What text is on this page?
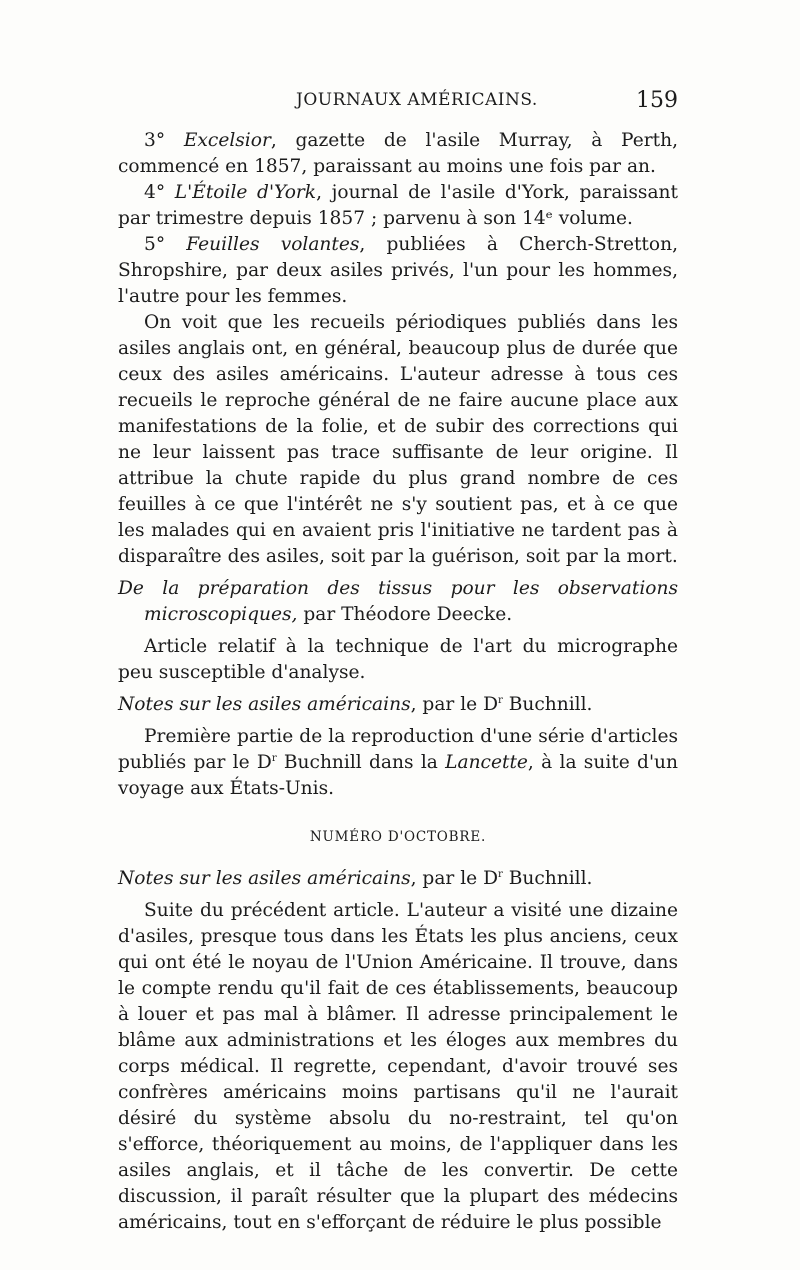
JOURNAUX AMÉRICAINS.	159

3° Excelsior, gazette de l'asile Murray, à Perth, commencé en 1857, paraissant au moins une fois par an.

4° L'Étoile d'York, journal de l'asile d'York, paraissant par trimestre depuis 1857 ; parvenu à son 14ᵉ volume.

5° Feuilles volantes, publiées à Cherch-Stretton, Shropshire, par deux asiles privés, l'un pour les hommes, l'autre pour les femmes.

On voit que les recueils périodiques publiés dans les asiles anglais ont, en général, beaucoup plus de durée que ceux des asiles américains. L'auteur adresse à tous ces recueils le reproche général de ne faire aucune place aux manifestations de la folie, et de subir des corrections qui ne leur laissent pas trace suffisante de leur origine. Il attribue la chute rapide du plus grand nombre de ces feuilles à ce que l'intérêt ne s'y soutient pas, et à ce que les malades qui en avaient pris l'initiative ne tardent pas à disparaître des asiles, soit par la guérison, soit par la mort.

De la préparation des tissus pour les observations microscopiques, par Théodore Deecke.

Article relatif à la technique de l'art du micrographe peu susceptible d'analyse.

Notes sur les asiles américains, par le $D^r$ Buchnill.

Première partie de la reproduction d'une série d'articles publiés par le $D^r$ Buchnill dans la Lancette, à la suite d'un voyage aux États-Unis.

NUMÉRO D'OCTOBRE.

Notes sur les asiles américains, par le $D^r$ Buchnill.

Suite du précédent article. L'auteur a visité une dizaine d'asiles, presque tous dans les États les plus anciens, ceux qui ont été le noyau de l'Union Américaine. Il trouve, dans le compte rendu qu'il fait de ces établissements, beaucoup à louer et pas mal à blâmer. Il adresse principalement le blâme aux administrations et les éloges aux membres du corps médical. Il regrette, cependant, d'avoir trouvé ses confrères américains moins partisans qu'il ne l'aurait désiré du système absolu du no-restraint, tel qu'on s'efforce, théoriquement au moins, de l'appliquer dans les asiles anglais, et il tâche de les convertir. De cette discussion, il paraît résulter que la plupart des médecins américains, tout en s'efforçant de réduire le plus possible
